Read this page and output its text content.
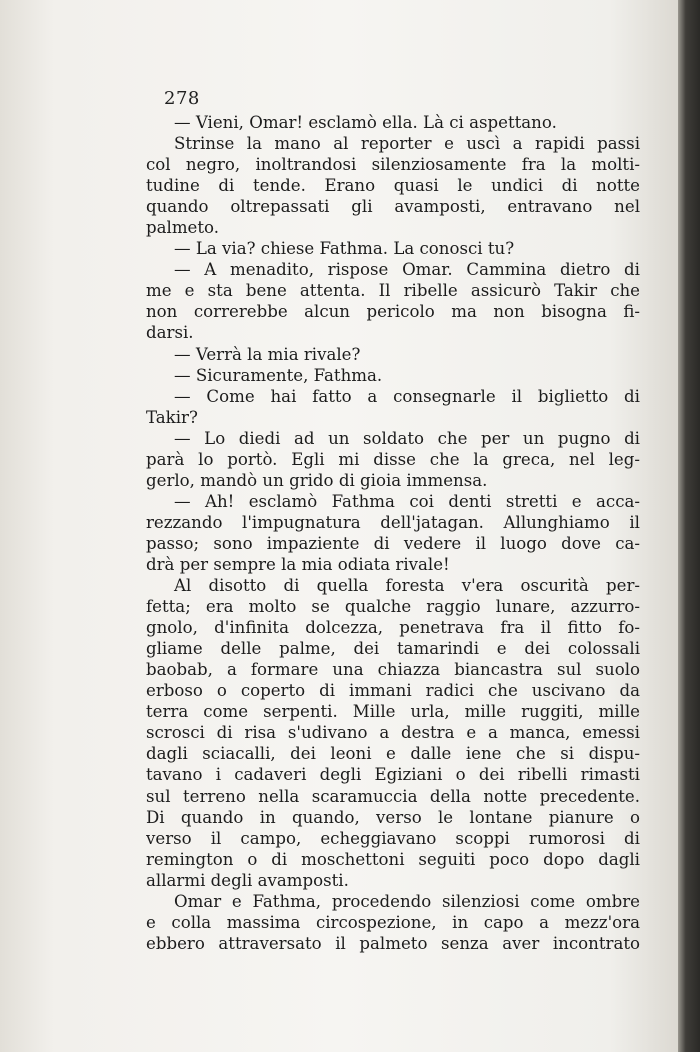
278
— Vieni, Omar! esclamò ella. Là ci aspettano.
Strinse la mano al reporter e uscì a rapidi passi
col negro, inoltrandosi silenziosamente fra la molti-
tudine di tende. Erano quasi le undici di notte
quando oltrepassati gli avamposti, entravano nel
palmeto.
— La via? chiese Fathma. La conosci tu?
— A menadito, rispose Omar. Cammina dietro di
me e sta bene attenta. Il ribelle assicurò Takir che
non correrebbe alcun pericolo ma non bisogna fi-
darsi.
— Verrà la mia rivale?
— Sicuramente, Fathma.
— Come hai fatto a consegnarle il biglietto di
Takir?
— Lo diedi ad un soldato che per un pugno di
parà lo portò. Egli mi disse che la greca, nel leg-
gerlo, mandò un grido di gioia immensa.
— Ah! esclamò Fathma coi denti stretti e acca-
rezzando l'impugnatura dell'jatagan. Allunghiamo il
passo; sono impaziente di vedere il luogo dove ca-
drà per sempre la mia odiata rivale!
Al disotto di quella foresta v'era oscurità per-
fetta; era molto se qualche raggio lunare, azzurro-
gnolo, d'infinita dolcezza, penetrava fra il fitto fo-
gliame delle palme, dei tamarindi e dei colossali
baobab, a formare una chiazza biancastra sul suolo
erboso o coperto di immani radici che uscivano da
terra come serpenti. Mille urla, mille ruggiti, mille
scrosci di risa s'udivano a destra e a manca, emessi
dagli sciacalli, dei leoni e dalle iene che si dispu-
tavano i cadaveri degli Egiziani o dei ribelli rimasti
sul terreno nella scaramuccia della notte precedente.
Di quando in quando, verso le lontane pianure o
verso il campo, echeggiavano scoppi rumorosi di
remington o di moschettoni seguiti poco dopo dagli
allarmi degli avamposti.
Omar e Fathma, procedendo silenziosi come ombre
e colla massima circospezione, in capo a mezz'ora
ebbero attraversato il palmeto senza aver incontrato
